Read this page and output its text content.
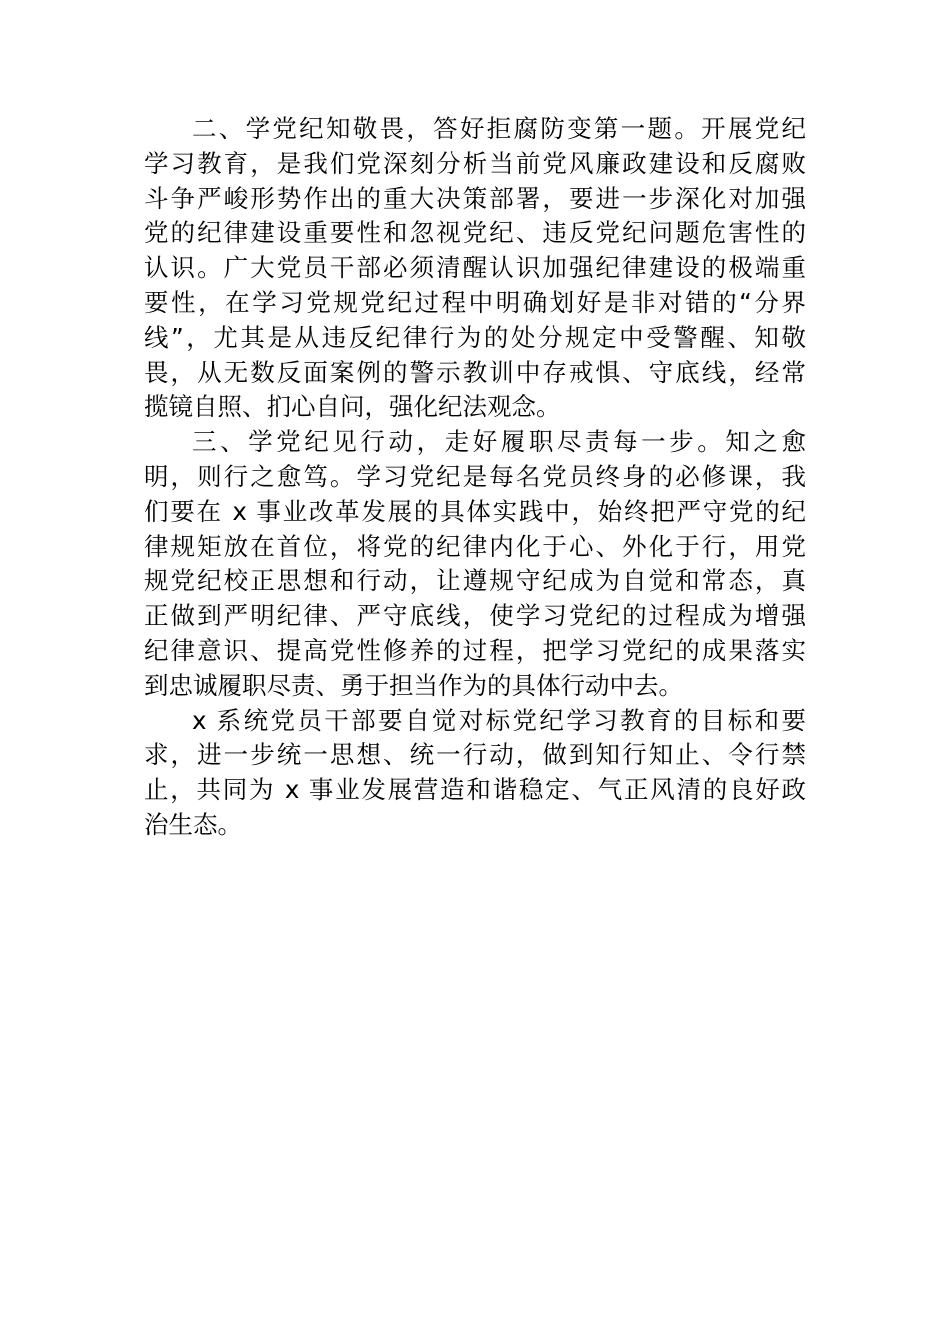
二、学党纪知敬畏，答好拒腐防变第一题。开展党纪
学习教育，是我们党深刻分析当前党风廉政建设和反腐败
斗争严峻形势作出的重大决策部署，要进一步深化对加强
党的纪律建设重要性和忽视党纪、违反党纪问题危害性的
认识。广大党员干部必须清醒认识加强纪律建设的极端重
要性，在学习党规党纪过程中明确划好是非对错的“分界
线”，尤其是从违反纪律行为的处分规定中受警醒、知敬
畏，从无数反面案例的警示教训中存戒惧、守底线，经常
揽镜自照、扪心自问，强化纪法观念。
三、学党纪见行动，走好履职尽责每一步。知之愈
明，则行之愈笃。学习党纪是每名党员终身的必修课，我
们要在 x 事业改革发展的具体实践中，始终把严守党的纪
律规矩放在首位，将党的纪律内化于心、外化于行，用党
规党纪校正思想和行动，让遵规守纪成为自觉和常态，真
正做到严明纪律、严守底线，使学习党纪的过程成为增强
纪律意识、提高党性修养的过程，把学习党纪的成果落实
到忠诚履职尽责、勇于担当作为的具体行动中去。
x 系统党员干部要自觉对标党纪学习教育的目标和要
求，进一步统一思想、统一行动，做到知行知止、令行禁
止，共同为 x 事业发展营造和谐稳定、气正风清的良好政
治生态。
